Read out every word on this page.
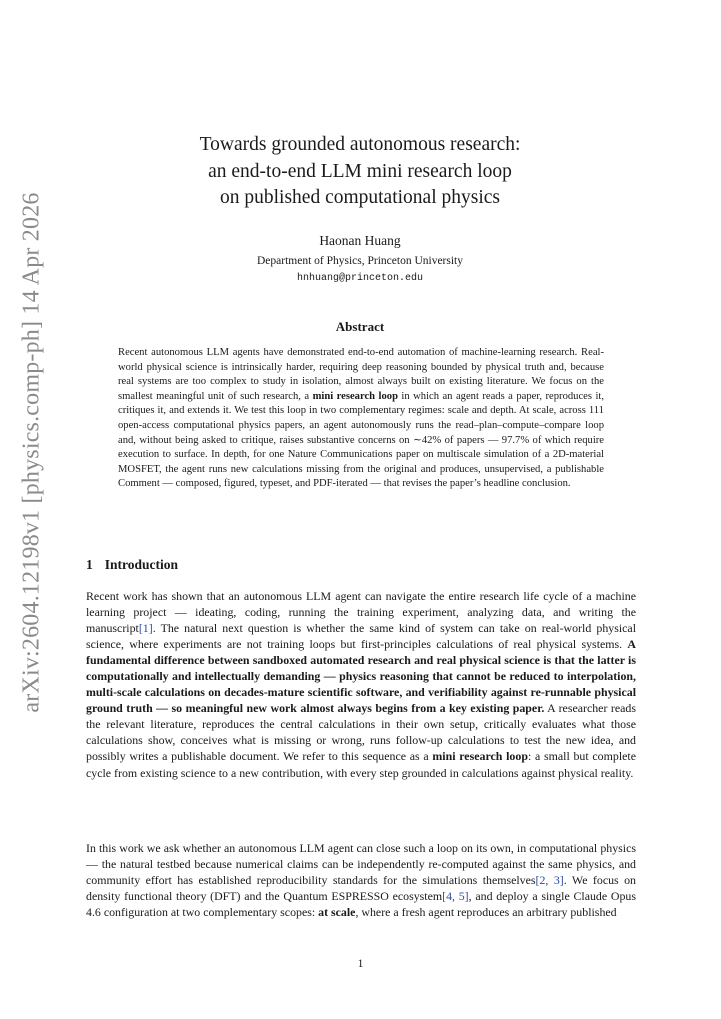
arXiv:2604.12198v1 [physics.comp-ph] 14 Apr 2026
Towards grounded autonomous research:
an end-to-end LLM mini research loop
on published computational physics
Haonan Huang
Department of Physics, Princeton University
hnhuang@princeton.edu
Abstract
Recent autonomous LLM agents have demonstrated end-to-end automation of machine-learning research. Real-world physical science is intrinsically harder, requiring deep reasoning bounded by physical truth and, because real systems are too complex to study in isolation, almost always built on existing literature. We focus on the smallest meaningful unit of such research, a mini research loop in which an agent reads a paper, reproduces it, critiques it, and extends it. We test this loop in two complementary regimes: scale and depth. At scale, across 111 open-access computational physics papers, an agent autonomously runs the read–plan–compute–compare loop and, without being asked to critique, raises substantive concerns on ∼42% of papers — 97.7% of which require execution to surface. In depth, for one Nature Communications paper on multiscale simulation of a 2D-material MOSFET, the agent runs new calculations missing from the original and produces, unsupervised, a publishable Comment — composed, figured, typeset, and PDF-iterated — that revises the paper’s headline conclusion.
1 Introduction
Recent work has shown that an autonomous LLM agent can navigate the entire research life cycle of a machine learning project — ideating, coding, running the training experiment, analyzing data, and writing the manuscript[1]. The natural next question is whether the same kind of system can take on real-world physical science, where experiments are not training loops but first-principles calculations of real physical systems. A fundamental difference between sandboxed automated research and real physical science is that the latter is computationally and intellectually demanding — physics reasoning that cannot be reduced to interpolation, multi-scale calculations on decades-mature scientific software, and verifiability against re-runnable physical ground truth — so meaningful new work almost always begins from a key existing paper. A researcher reads the relevant literature, reproduces the central calculations in their own setup, critically evaluates what those calculations show, conceives what is missing or wrong, runs follow-up calculations to test the new idea, and possibly writes a publishable document. We refer to this sequence as a mini research loop: a small but complete cycle from existing science to a new contribution, with every step grounded in calculations against physical reality.
In this work we ask whether an autonomous LLM agent can close such a loop on its own, in computational physics — the natural testbed because numerical claims can be independently re-computed against the same physics, and community effort has established reproducibility standards for the simulations themselves[2, 3]. We focus on density functional theory (DFT) and the Quantum ESPRESSO ecosystem[4, 5], and deploy a single Claude Opus 4.6 configuration at two complementary scopes: at scale, where a fresh agent reproduces an arbitrary published
1
